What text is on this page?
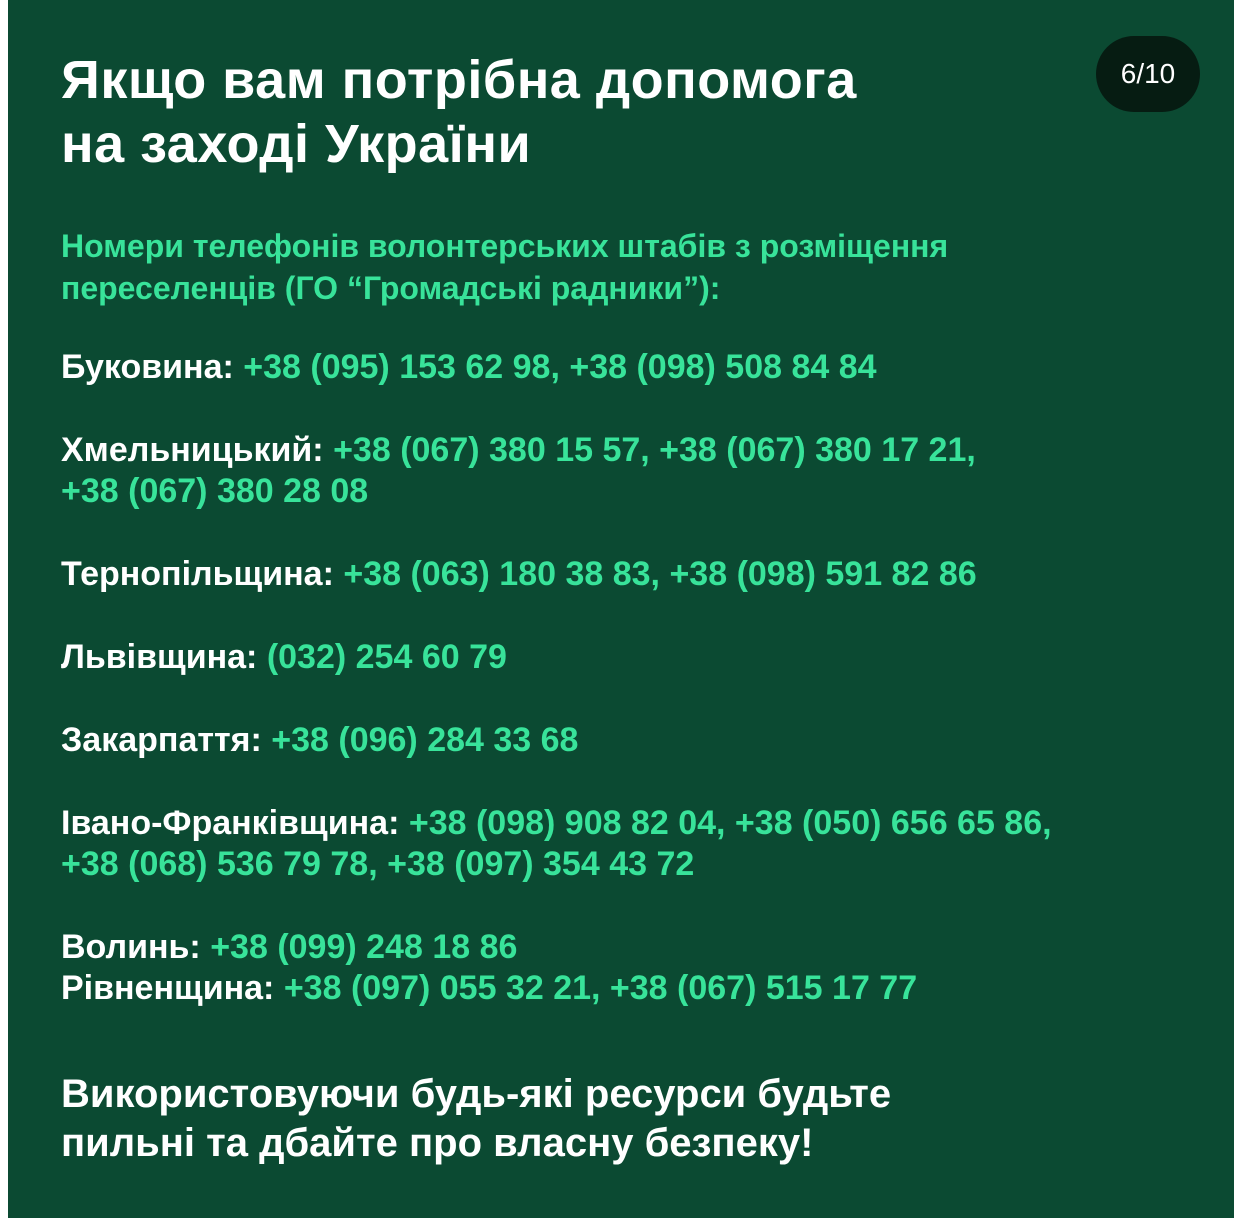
Якщо вам потрібна допомога
на заході України
6/10

Номери телефонів волонтерських штабів з розміщення
переселенців (ГО “Громадські радники”):

Буковина: +38 (095) 153 62 98, +38 (098) 508 84 84

Хмельницький: +38 (067) 380 15 57, +38 (067) 380 17 21,
+38 (067) 380 28 08

Тернопільщина: +38 (063) 180 38 83, +38 (098) 591 82 86

Львівщина: (032) 254 60 79

Закарпаття: +38 (096) 284 33 68

Івано-Франківщина: +38 (098) 908 82 04, +38 (050) 656 65 86,
+38 (068) 536 79 78, +38 (097) 354 43 72

Волинь: +38 (099) 248 18 86

Рівненщина: +38 (097) 055 32 21, +38 (067) 515 17 77

Використовуючи будь-які ресурси будьте
пильні та дбайте про власну безпеку!
